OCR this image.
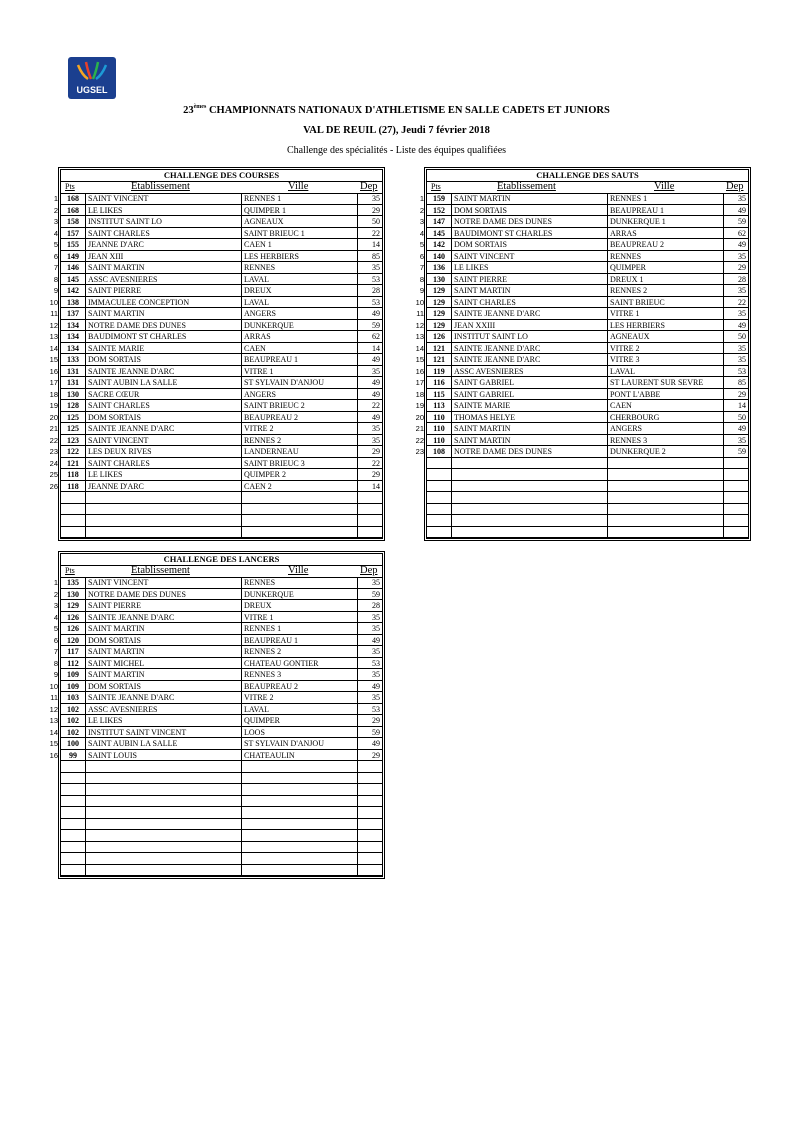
UGSEL
23èmes CHAMPIONNATS NATIONAUX D'ATHLETISME EN SALLE CADETS ET JUNIORS
VAL DE REUIL (27), Jeudi 7 février 2018
Challenge des spécialités - Liste des équipes qualifiées
CHALLENGE DES COURSES
Pts	Etablissement	Ville	Dep
168	SAINT VINCENT	RENNES 1	35
168	LE LIKES	QUIMPER 1	29
158	INSTITUT SAINT LO	AGNEAUX	50
157	SAINT CHARLES	SAINT BRIEUC 1	22
155	JEANNE D'ARC	CAEN 1	14
149	JEAN XIII	LES HERBIERS	85
146	SAINT MARTIN	RENNES	35
145	ASSC AVESNIERES	LAVAL	53
142	SAINT PIERRE	DREUX	28
138	IMMACULEE CONCEPTION	LAVAL	53
137	SAINT MARTIN	ANGERS	49
134	NOTRE DAME DES DUNES	DUNKERQUE	59
134	BAUDIMONT ST CHARLES	ARRAS	62
134	SAINTE MARIE	CAEN	14
133	DOM SORTAIS	BEAUPREAU 1	49
131	SAINTE JEANNE D'ARC	VITRE 1	35
131	SAINT AUBIN LA SALLE	ST SYLVAIN D'ANJOU	49
130	SACRE CŒUR	ANGERS	49
128	SAINT CHARLES	SAINT BRIEUC 2	22
125	DOM SORTAIS	BEAUPREAU 2	49
125	SAINTE JEANNE D'ARC	VITRE 2	35
123	SAINT VINCENT	RENNES 2	35
122	LES DEUX RIVES	LANDERNEAU	29
121	SAINT CHARLES	SAINT BRIEUC 3	22
118	LE LIKES	QUIMPER 2	29
118	JEANNE D'ARC	CAEN 2	14
1
2
3
4
5
6
7
8
9
10
11
12
13
14
15
16
17
18
19
20
21
22
23
24
25
26
CHALLENGE DES SAUTS
Pts	Etablissement	Ville	Dep
159	SAINT MARTIN	RENNES 1	35
152	DOM SORTAIS	BEAUPREAU 1	49
147	NOTRE DAME DES DUNES	DUNKERQUE 1	59
145	BAUDIMONT ST CHARLES	ARRAS	62
142	DOM SORTAIS	BEAUPREAU 2	49
140	SAINT VINCENT	RENNES	35
136	LE LIKES	QUIMPER	29
130	SAINT PIERRE	DREUX 1	28
129	SAINT MARTIN	RENNES 2	35
129	SAINT CHARLES	SAINT BRIEUC	22
129	SAINTE JEANNE D'ARC	VITRE 1	35
129	JEAN XXIII	LES HERBIERS	49
126	INSTITUT SAINT LO	AGNEAUX	50
121	SAINTE JEANNE D'ARC	VITRE 2	35
121	SAINTE JEANNE D'ARC	VITRE 3	35
119	ASSC AVESNIERES	LAVAL	53
116	SAINT GABRIEL	ST LAURENT SUR SEVRE	85
115	SAINT GABRIEL	PONT L'ABBE	29
113	SAINTE MARIE	CAEN	14
110	THOMAS HELYE	CHERBOURG	50
110	SAINT MARTIN	ANGERS	49
110	SAINT MARTIN	RENNES 3	35
108	NOTRE DAME DES DUNES	DUNKERQUE 2	59
1
2
3
4
5
6
7
8
9
10
11
12
13
14
15
16
17
18
19
20
21
22
23
CHALLENGE DES LANCERS
Pts	Etablissement	Ville	Dep
135	SAINT VINCENT	RENNES	35
130	NOTRE DAME DES DUNES	DUNKERQUE	59
129	SAINT PIERRE	DREUX	28
126	SAINTE JEANNE D'ARC	VITRE 1	35
126	SAINT MARTIN	RENNES 1	35
120	DOM SORTAIS	BEAUPREAU 1	49
117	SAINT MARTIN	RENNES 2	35
112	SAINT MICHEL	CHATEAU GONTIER	53
109	SAINT MARTIN	RENNES 3	35
109	DOM SORTAIS	BEAUPREAU 2	49
103	SAINTE JEANNE D'ARC	VITRE 2	35
102	ASSC AVESNIERES	LAVAL	53
102	LE LIKES	QUIMPER	29
102	INSTITUT SAINT VINCENT	LOOS	59
100	SAINT AUBIN LA SALLE	ST SYLVAIN D'ANJOU	49
99	SAINT LOUIS	CHATEAULIN	29
1
2
3
4
5
6
7
8
9
10
11
12
13
14
15
16
